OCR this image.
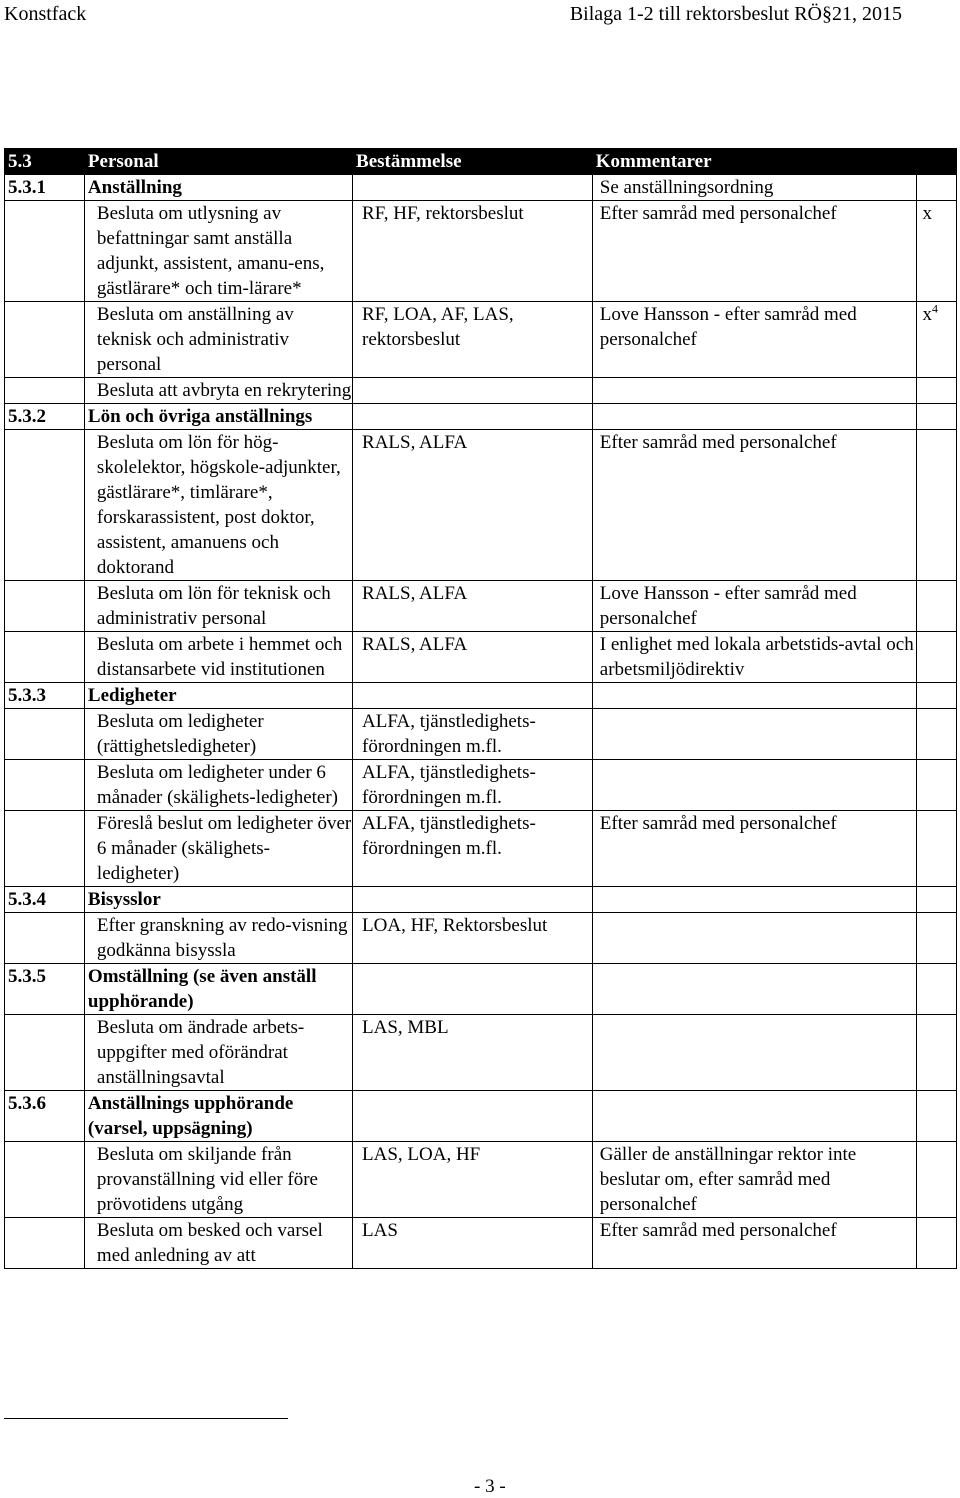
Konstfack	Bilaga 1-2 till rektorsbeslut RÖ§21, 2015
5.3	Personal	Bestämmelse	Kommentarer	
5.3.1	Anställning		Se anställningsordning	
	Besluta om utlysning av befattningar samt anställa adjunkt, assistent, amanu-ens, gästlärare* och tim-lärare*	RF, HF, rektorsbeslut	Efter samråd med personalchef	x
	Besluta om anställning av teknisk och administrativ personal	RF, LOA, AF, LAS, rektorsbeslut	Love Hansson - efter samråd med personalchef	$x^4$
	Besluta att avbryta en rekrytering			
5.3.2	Lön och övriga anställnings			
	Besluta om lön för hög-skolelektor, högskole-adjunkter, gästlärare*, timlärare*, forskarassistent, post doktor, assistent, amanuens och doktorand	RALS, ALFA	Efter samråd med personalchef	
	Besluta om lön för teknisk och administrativ personal	RALS, ALFA	Love Hansson - efter samråd med personalchef	
	Besluta om arbete i hemmet och distansarbete vid institutionen	RALS, ALFA	I enlighet med lokala arbetstids-avtal och arbetsmiljödirektiv	
5.3.3	Ledigheter			
	Besluta om ledigheter (rättighetsledigheter)	ALFA, tjänstledighets-förordningen m.fl.		
	Besluta om ledigheter under 6 månader (skälighets-ledigheter)	ALFA, tjänstledighets-förordningen m.fl.		
	Föreslå beslut om ledigheter över 6 månader (skälighets-ledigheter)	ALFA, tjänstledighets-förordningen m.fl.	Efter samråd med personalchef	
5.3.4	Bisysslor			
	Efter granskning av redo-visning godkänna bisyssla	LOA, HF, Rektorsbeslut		
5.3.5	Omställning (se även anställ
upphörande)			
	Besluta om ändrade arbets-uppgifter med oförändrat anställningsavtal	LAS, MBL		
5.3.6	Anställnings upphörande (varsel, uppsägning)			
	Besluta om skiljande från provanställning vid eller före prövotidens utgång	LAS, LOA, HF	Gäller de anställningar rektor inte beslutar om, efter samråd med personalchef	
	Besluta om besked och varsel med anledning av att	LAS	Efter samråd med personalchef	
- 3 -
